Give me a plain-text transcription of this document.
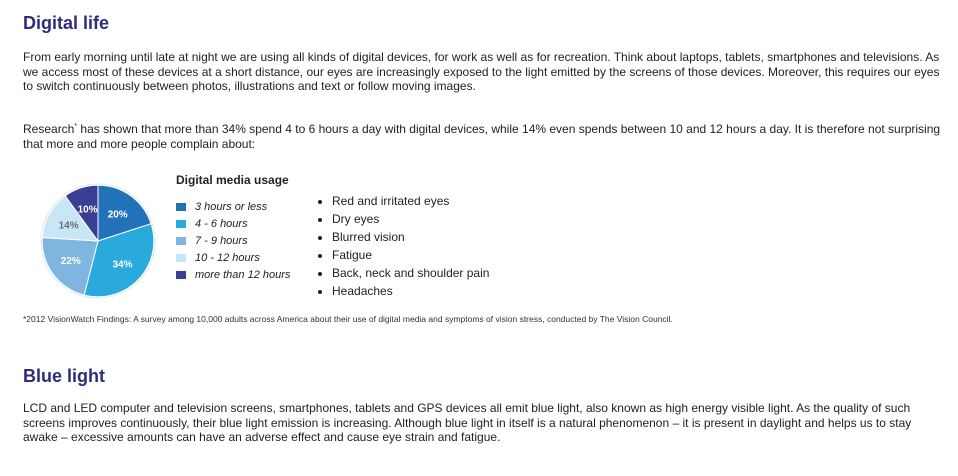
Digital life

From early morning until late at night we are using all kinds of digital devices, for work as well as for recreation. Think about laptops, tablets, smartphones and televisions. As we access most of these devices at a short distance, our eyes are increasingly exposed to the light emitted by the screens of those devices. Moreover, this requires our eyes to switch continuously between photos, illustrations and text or follow moving images.

Research* has shown that more than 34% spend 4 to 6 hours a day with digital devices, while 14% even spends between 10 and 12 hours a day. It is therefore not surprising that more and more people complain about:

20%
34%
22%
14%
10%
Digital media usage
3 hours or less
4 - 6 hours
7 - 9 hours
10 - 12 hours
more than 12 hours
• Red and irritated eyes
• Dry eyes
• Blurred vision
• Fatigue
• Back, neck and shoulder pain
• Headaches

*2012 VisionWatch Findings: A survey among 10,000 adults across America about their use of digital media and symptoms of vision stress, conducted by The Vision Council.

Blue light

LCD and LED computer and television screens, smartphones, tablets and GPS devices all emit blue light, also known as high energy visible light. As the quality of such screens improves continuously, their blue light emission is increasing. Although blue light in itself is a natural phenomenon – it is present in daylight and helps us to stay awake – excessive amounts can have an adverse effect and cause eye strain and fatigue.
